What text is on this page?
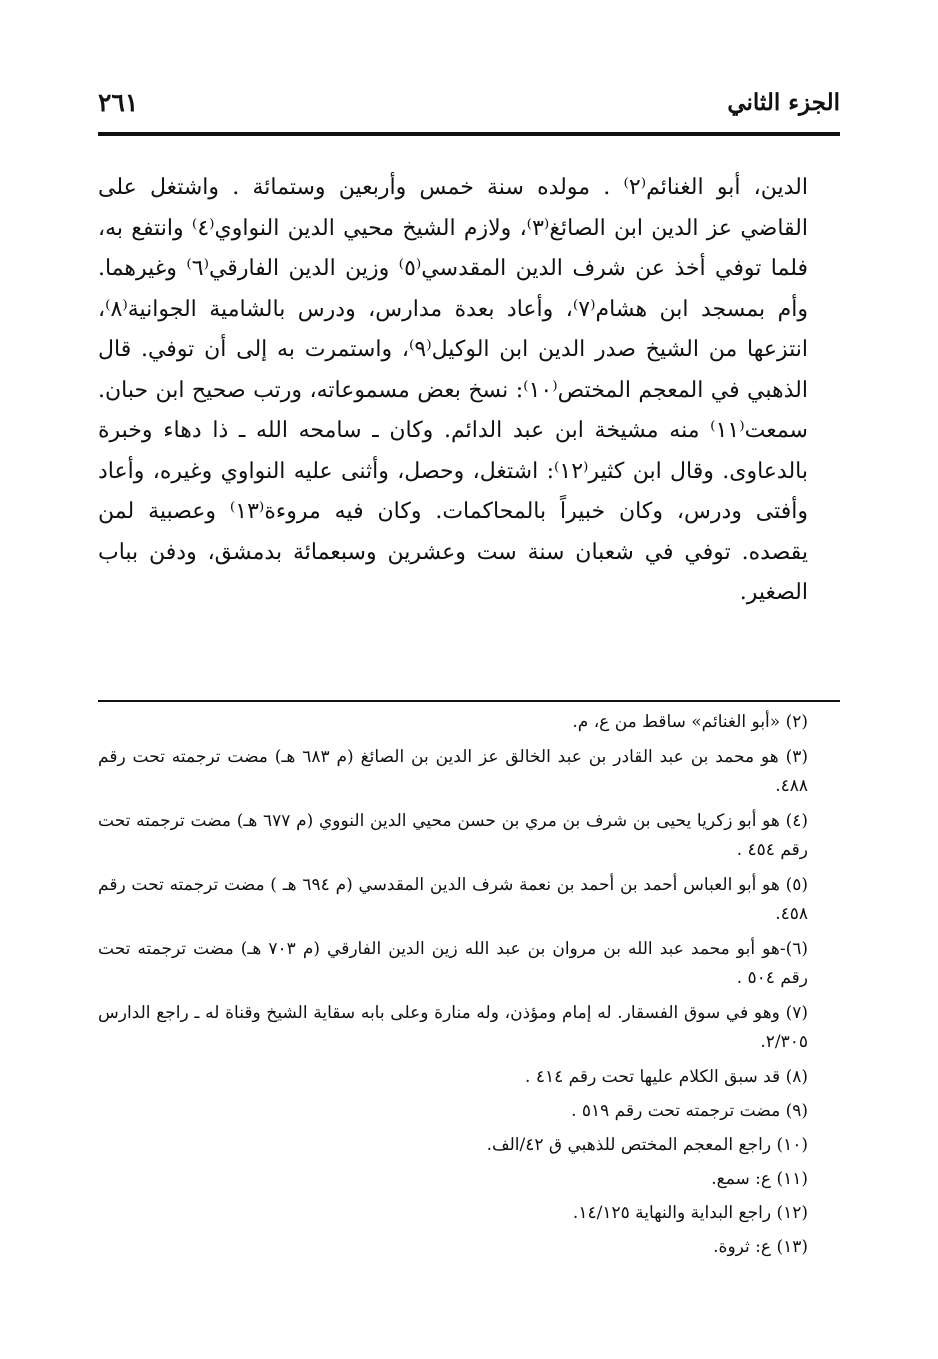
الجزء الثاني
٢٦١

الدين، أبو الغنائم⁽٢⁾ . مولده سنة خمس وأربعين وستمائة . واشتغل على القاضي عز الدين ابن الصائغ⁽٣⁾، ولازم الشيخ محيي الدين النواوي⁽٤⁾ وانتفع به، فلما توفي أخذ عن شرف الدين المقدسي⁽٥⁾ وزين الدين الفارقي⁽٦⁾ وغيرهما. وأم بمسجد ابن هشام⁽٧⁾، وأعاد بعدة مدارس، ودرس بالشامية الجوانية⁽٨⁾، انتزعها من الشيخ صدر الدين ابن الوكيل⁽٩⁾، واستمرت به إلى أن توفي. قال الذهبي في المعجم المختص⁽١٠⁾: نسخ بعض مسموعاته، ورتب صحيح ابن حبان. سمعت⁽١١⁾ منه مشيخة ابن عبد الدائم. وكان ـ سامحه الله ـ ذا دهاء وخبرة بالدعاوى. وقال ابن كثير⁽١٢⁾: اشتغل، وحصل، وأثنى عليه النواوي وغيره، وأعاد وأفتى ودرس، وكان خبيراً بالمحاكمات. وكان فيه مروءة⁽١٣⁾ وعصبية لمن يقصده. توفي في شعبان سنة ست وعشرين وسبعمائة بدمشق، ودفن بباب الصغير.

(٢) «أبو الغنائم» ساقط من ع، م.
(٣) هو محمد بن عبد القادر بن عبد الخالق عز الدين بن الصائغ (م ٦٨٣ هـ) مضت ترجمته تحت رقم ٤٨٨.
(٤) هو أبو زكريا يحيى بن شرف بن مري بن حسن محيي الدين النووي (م ٦٧٧ هـ) مضت ترجمته تحت رقم ٤٥٤ .
(٥) هو أبو العباس أحمد بن أحمد بن نعمة شرف الدين المقدسي (م ٦٩٤ هـ ) مضت ترجمته تحت رقم ٤٥٨.
(٦)-هو أبو محمد عبد الله بن مروان بن عبد الله زين الدين الفارقي (م ٧٠٣ هـ) مضت ترجمته تحت رقم ٥٠٤ .
(٧) وهو في سوق الفسقار. له إمام ومؤذن، وله منارة وعلى بابه سقاية الشيخ وقناة له ـ راجع الدارس ٢/٣٠٥.
(٨) قد سبق الكلام عليها تحت رقم ٤١٤ .
(٩) مضت ترجمته تحت رقم ٥١٩ .
(١٠) راجع المعجم المختص للذهبي ق ٤٢/الف.
(١١) ع: سمع.
(١٢) راجع البداية والنهاية ١٤/١٢٥.
(١٣) ع: ثروة.
